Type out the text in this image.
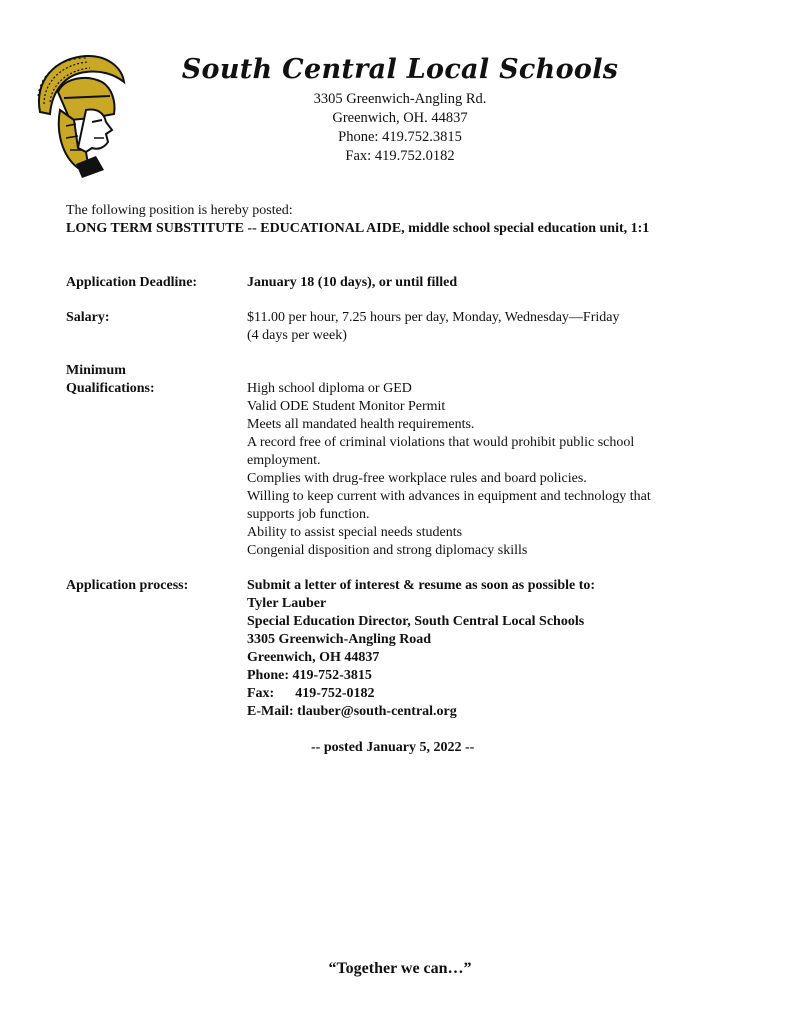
South Central Local Schools
3305 Greenwich-Angling Rd.
Greenwich, OH. 44837
Phone: 419.752.3815
Fax: 419.752.0182
The following position is hereby posted:
LONG TERM SUBSTITUTE -- EDUCATIONAL AIDE, middle school special education unit, 1:1
Application Deadline:	January 18 (10 days), or until filled
Salary:	$11.00 per hour, 7.25 hours per day, Monday, Wednesday—Friday
(4 days per week)
Minimum
Qualifications:	High school diploma or GED
Valid ODE Student Monitor Permit
Meets all mandated health requirements.
A record free of criminal violations that would prohibit public school
employment.
Complies with drug-free workplace rules and board policies.
Willing to keep current with advances in equipment and technology that
supports job function.
Ability to assist special needs students
Congenial disposition and strong diplomacy skills
Application process:	Submit a letter of interest & resume as soon as possible to:
Tyler Lauber
Special Education Director, South Central Local Schools
3305 Greenwich-Angling Road
Greenwich, OH 44837
Phone: 419-752-3815
Fax:      419-752-0182
E-Mail: tlauber@south-central.org
-- posted January 5, 2022 --
“Together we can…”
